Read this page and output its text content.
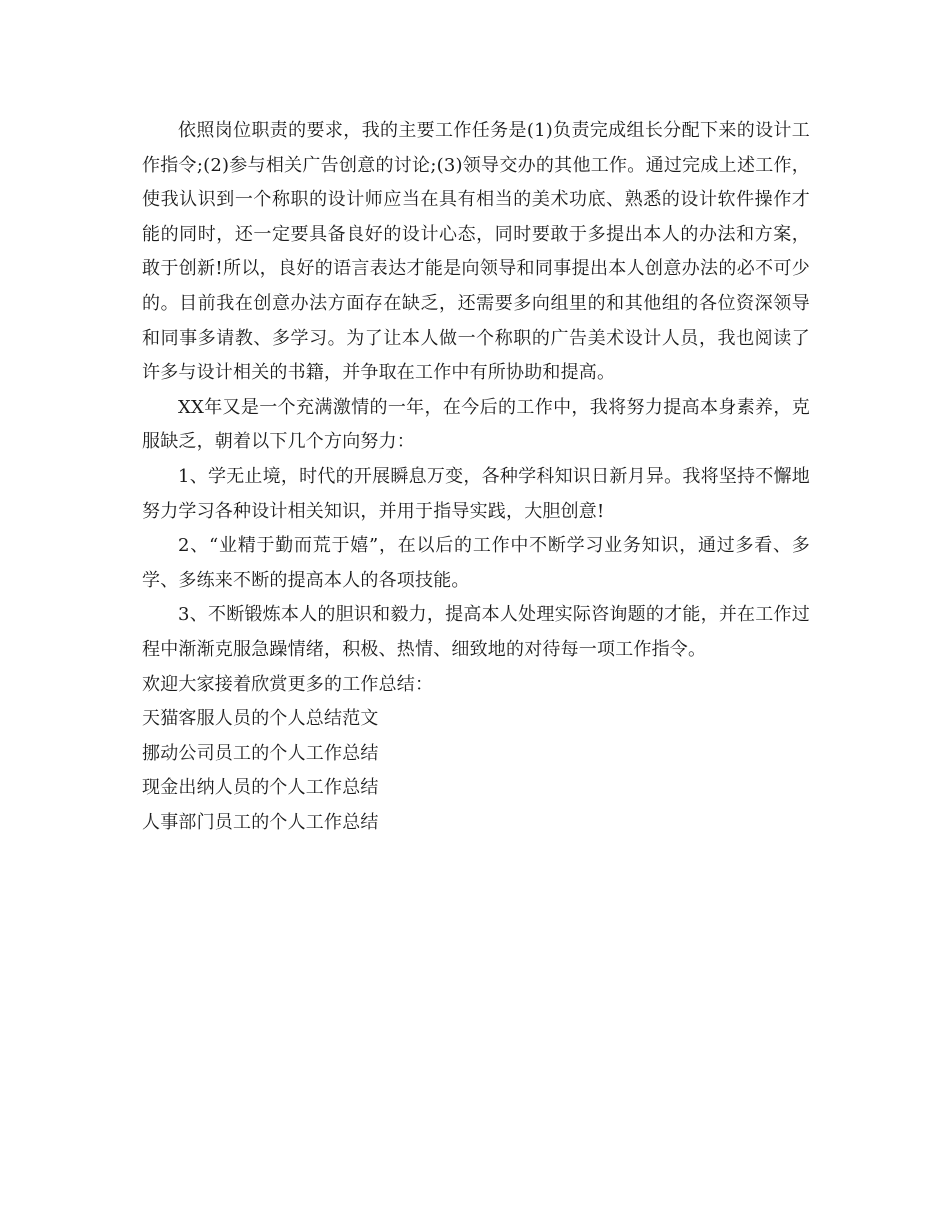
依照岗位职责的要求，我的主要工作任务是(1)负责完成组长分配下来的设计工作指令;(2)参与相关广告创意的讨论;(3)领导交办的其他工作。通过完成上述工作，使我认识到一个称职的设计师应当在具有相当的美术功底、熟悉的设计软件操作才能的同时，还一定要具备良好的设计心态，同时要敢于多提出本人的办法和方案，敢于创新!所以，良好的语言表达才能是向领导和同事提出本人创意办法的必不可少的。目前我在创意办法方面存在缺乏，还需要多向组里的和其他组的各位资深领导和同事多请教、多学习。为了让本人做一个称职的广告美术设计人员，我也阅读了许多与设计相关的书籍，并争取在工作中有所协助和提高。

XX年又是一个充满激情的一年，在今后的工作中，我将努力提高本身素养，克服缺乏，朝着以下几个方向努力：

1、学无止境，时代的开展瞬息万变，各种学科知识日新月异。我将坚持不懈地努力学习各种设计相关知识，并用于指导实践，大胆创意!

2、“业精于勤而荒于嬉”，在以后的工作中不断学习业务知识，通过多看、多学、多练来不断的提高本人的各项技能。

3、不断锻炼本人的胆识和毅力，提高本人处理实际咨询题的才能，并在工作过程中渐渐克服急躁情绪，积极、热情、细致地的对待每一项工作指令。

欢迎大家接着欣赏更多的工作总结：

天猫客服人员的个人总结范文

挪动公司员工的个人工作总结

现金出纳人员的个人工作总结

人事部门员工的个人工作总结
